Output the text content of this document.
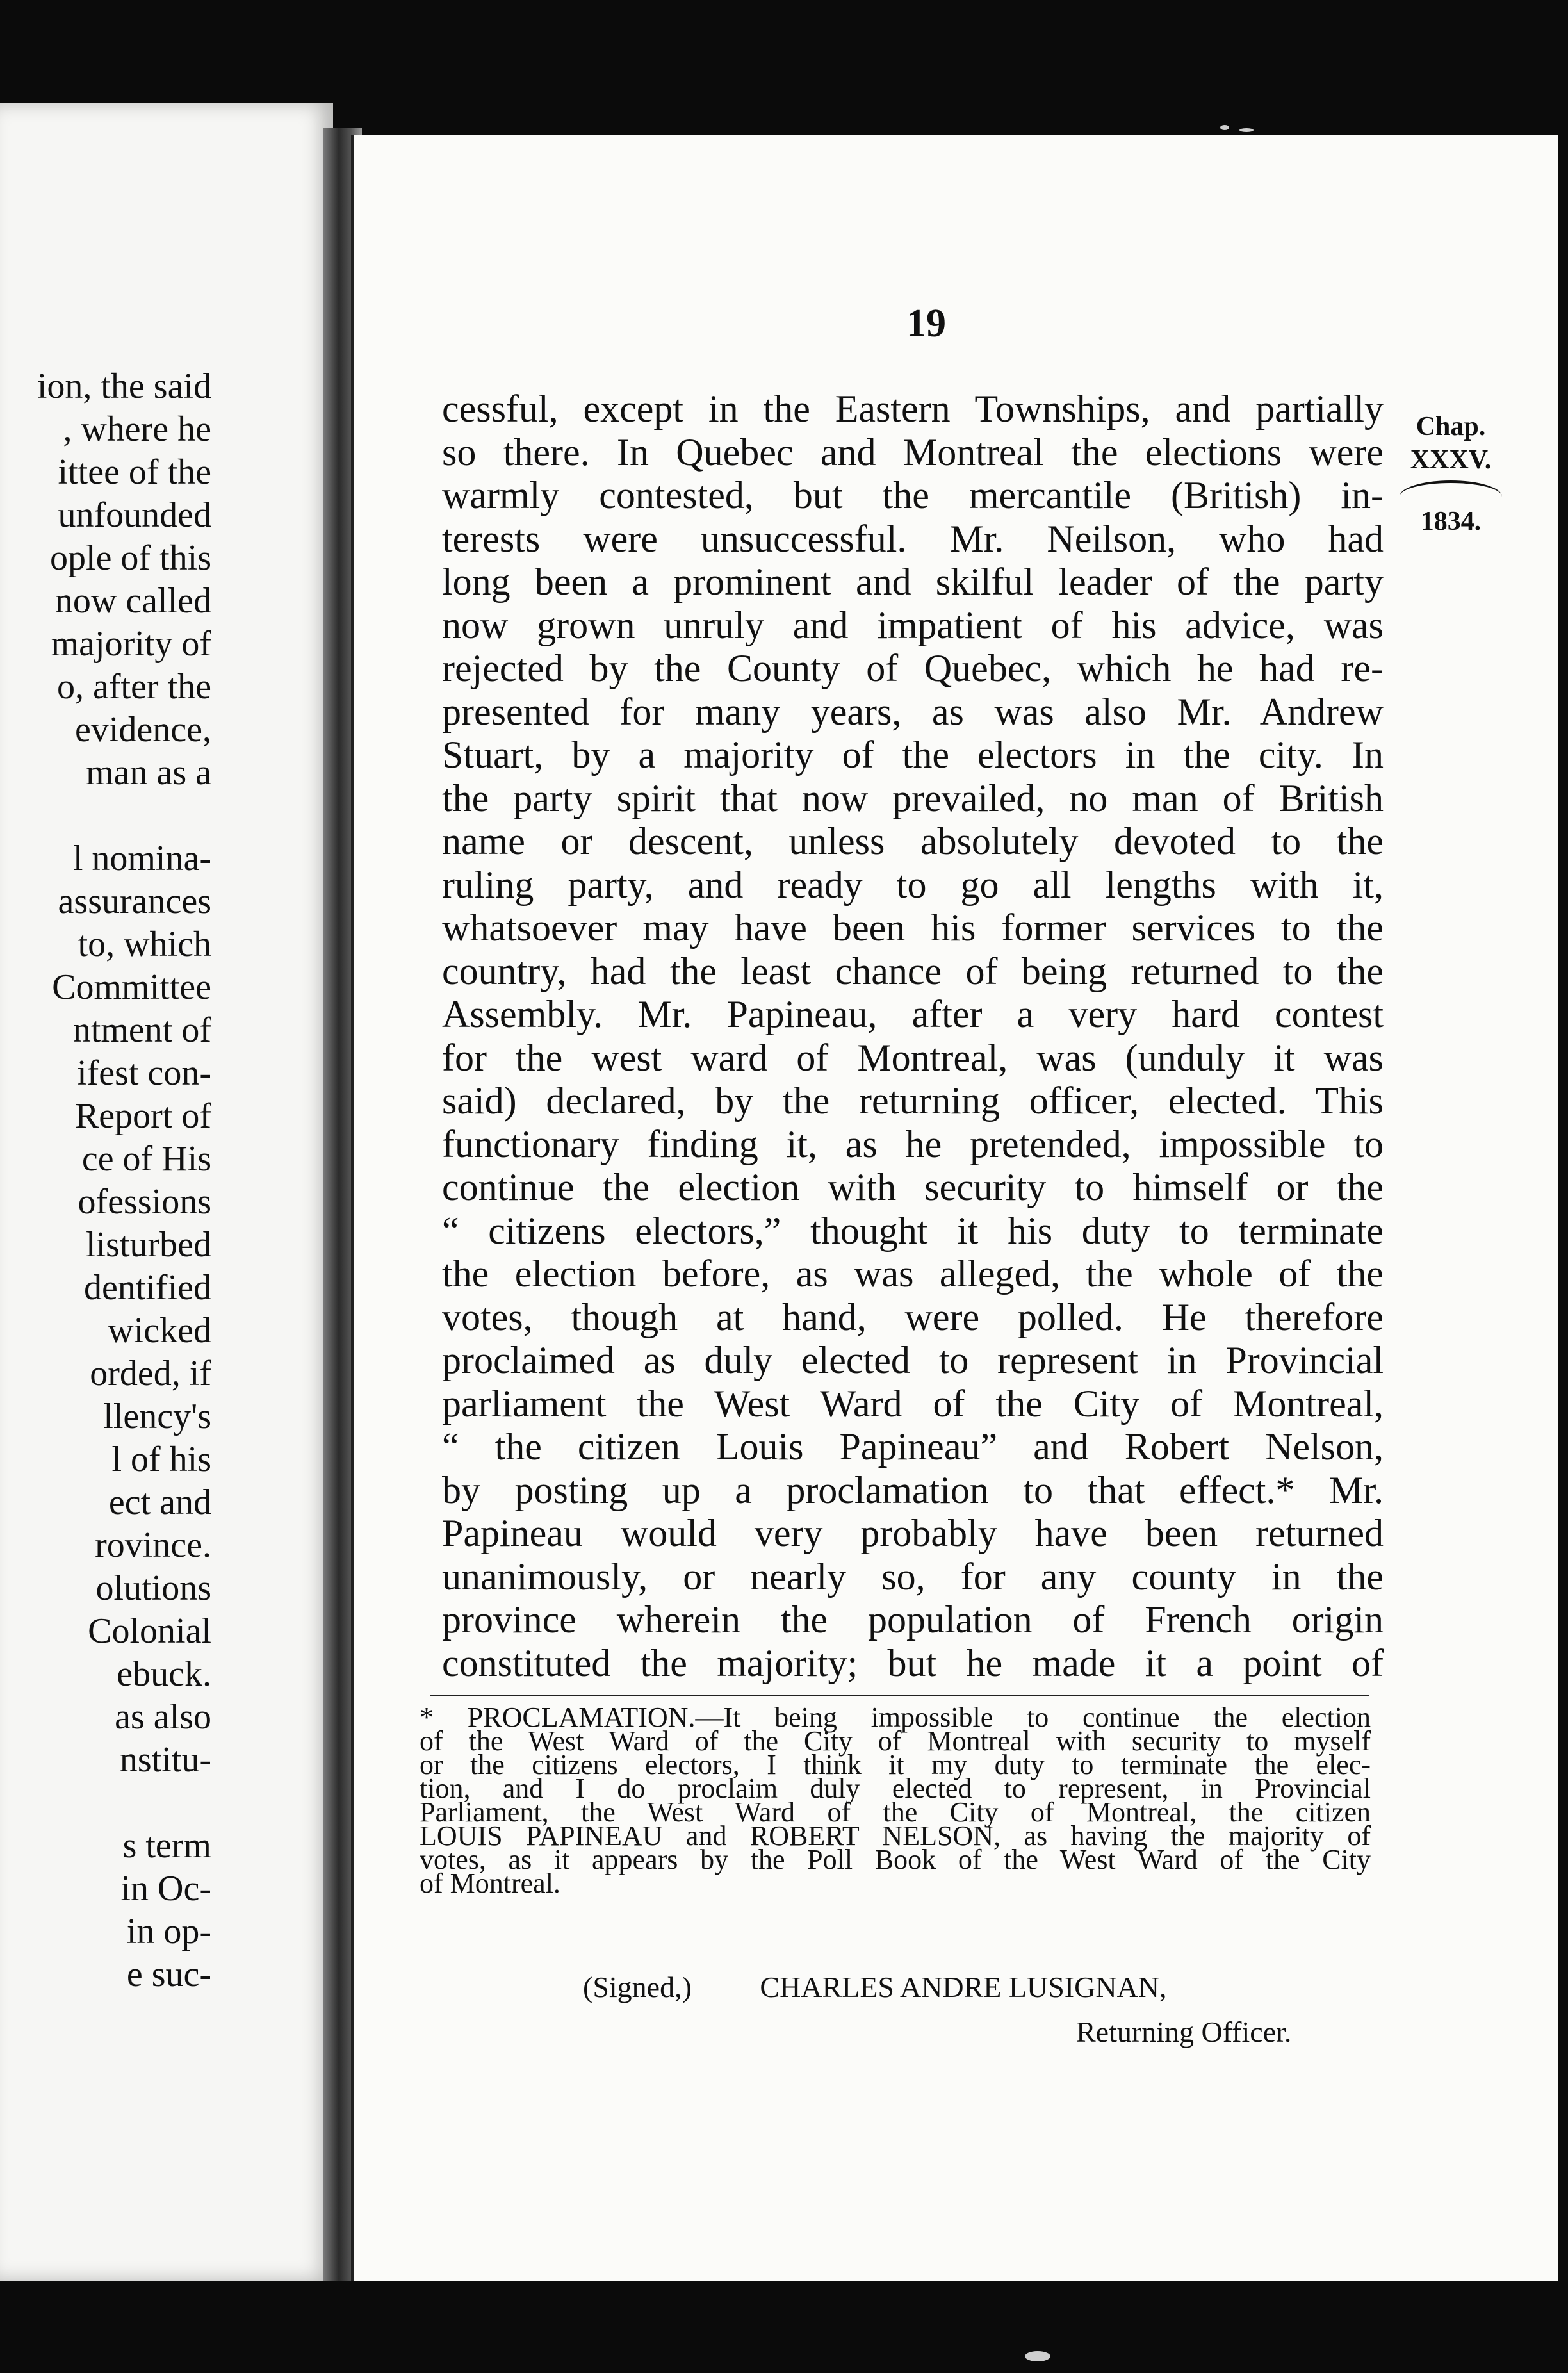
ion, the said
, where he
ittee of the
unfounded
ople of this
now called
majority of
o, after the
evidence,
man as a
l nomina-
assurances
to, which
Committee
ntment of
ifest con-
Report of
ce of His
ofessions
listurbed
dentified
wicked
orded, if
llency's
l of his
ect and
rovince.
olutions
Colonial
ebuck.
as also
nstitu-
s term
in Oc-
in op-
e suc-
19
cessful, except in the Eastern Townships, and partially
so there. In Quebec and Montreal the elections were
warmly contested, but the mercantile (British) in-
terests were unsuccessful. Mr. Neilson, who had
long been a prominent and skilful leader of the party
now grown unruly and impatient of his advice, was
rejected by the County of Quebec, which he had re-
presented for many years, as was also Mr. Andrew
Stuart, by a majority of the electors in the city. In
the party spirit that now prevailed, no man of British
name or descent, unless absolutely devoted to the
ruling party, and ready to go all lengths with it,
whatsoever may have been his former services to the
country, had the least chance of being returned to the
Assembly. Mr. Papineau, after a very hard contest
for the west ward of Montreal, was (unduly it was
said) declared, by the returning officer, elected. This
functionary finding it, as he pretended, impossible to
continue the election with security to himself or the
“ citizens electors,” thought it his duty to terminate
the election before, as was alleged, the whole of the
votes, though at hand, were polled. He therefore
proclaimed as duly elected to represent in Provincial
parliament the West Ward of the City of Montreal,
“ the citizen Louis Papineau” and Robert Nelson,
by posting up a proclamation to that effect.* Mr.
Papineau would very probably have been returned
unanimously, or nearly so, for any county in the
province wherein the population of French origin
constituted the majority; but he made it a point of
Chap.
XXXV.
1834.
* PROCLAMATION.—It being impossible to continue the election
of the West Ward of the City of Montreal with security to myself
or the citizens electors, I think it my duty to terminate the elec-
tion, and I do proclaim duly elected to represent, in Provincial
Parliament, the West Ward of the City of Montreal, the citizen
LOUIS PAPINEAU and ROBERT NELSON, as having the majority of
votes, as it appears by the Poll Book of the West Ward of the City
of Montreal.
(Signed,) CHARLES ANDRE LUSIGNAN,
Returning Officer.
